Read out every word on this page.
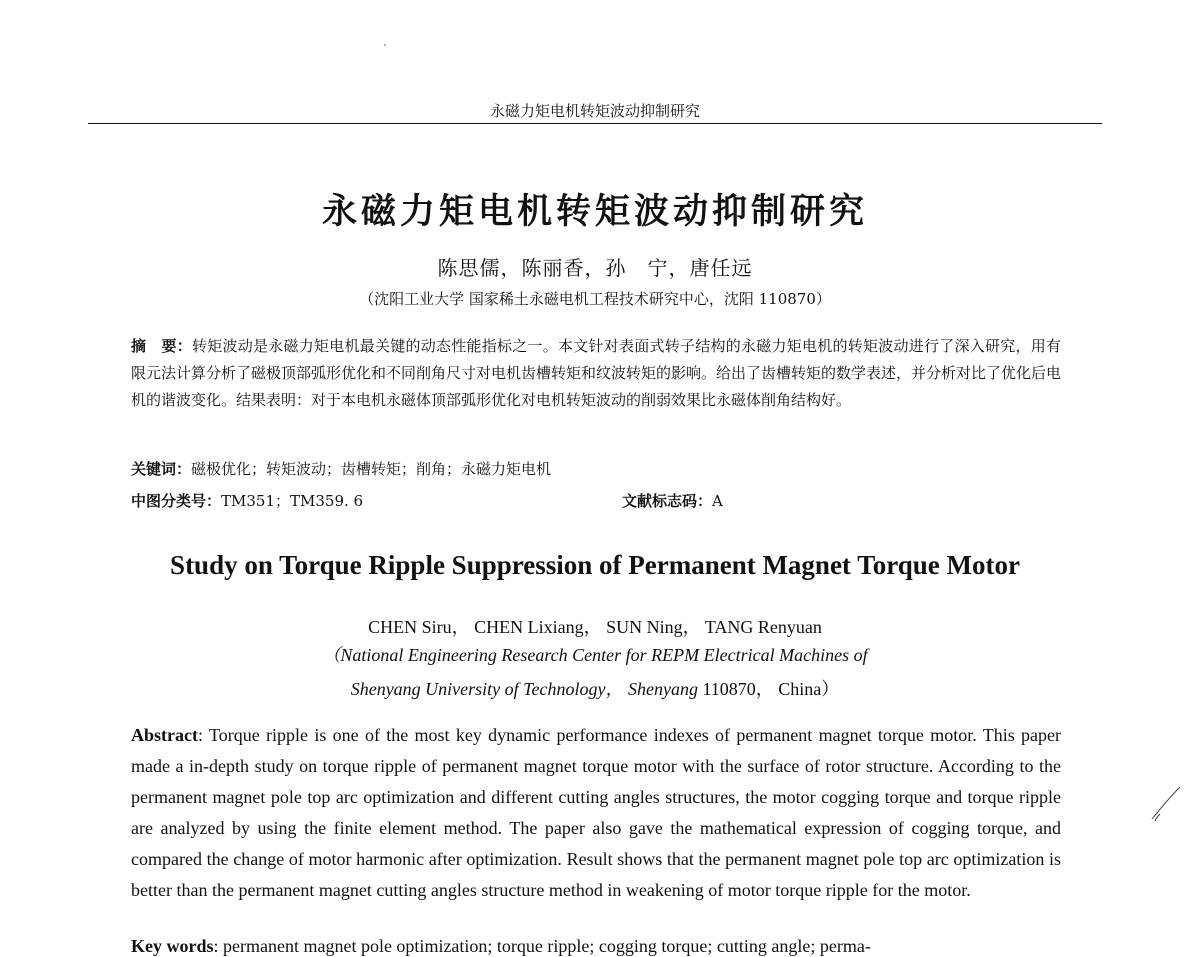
永磁力矩电机转矩波动抑制研究
永磁力矩电机转矩波动抑制研究
陈思儒，陈丽香，孙　宁，唐任远
（沈阳工业大学 国家稀土永磁电机工程技术研究中心，沈阳 110870）
摘　要：转矩波动是永磁力矩电机最关键的动态性能指标之一。本文针对表面式转子结构的永磁力矩电机的转矩波动进行了深入研究，用有限元法计算分析了磁极顶部弧形优化和不同削角尺寸对电机齿槽转矩和纹波转矩的影响。给出了齿槽转矩的数学表述，并分析对比了优化后电机的谐波变化。结果表明：对于本电机永磁体顶部弧形优化对电机转矩波动的削弱效果比永磁体削角结构好。
关键词：磁极优化；转矩波动；齿槽转矩；削角；永磁力矩电机
中图分类号：TM351；TM359. 6	文献标志码：A
Study on Torque Ripple Suppression of Permanent Magnet Torque Motor
CHEN Siru， CHEN Lixiang， SUN Ning， TANG Renyuan
（National Engineering Research Center for REPM Electrical Machines of
Shenyang University of Technology， Shenyang 110870， China）
Abstract: Torque ripple is one of the most key dynamic performance indexes of permanent magnet torque motor. This paper made a in-depth study on torque ripple of permanent magnet torque motor with the surface of rotor structure. According to the permanent magnet pole top arc optimization and different cutting angles structures, the motor cogging torque and torque ripple are analyzed by using the finite element method. The paper also gave the mathematical expression of cogging torque, and compared the change of motor harmonic after optimization. Result shows that the permanent magnet pole top arc optimization is better than the permanent magnet cutting angles structure method in weakening of motor torque ripple for the motor.
Key words: permanent magnet pole optimization; torque ripple; cogging torque; cutting angle; perma-
